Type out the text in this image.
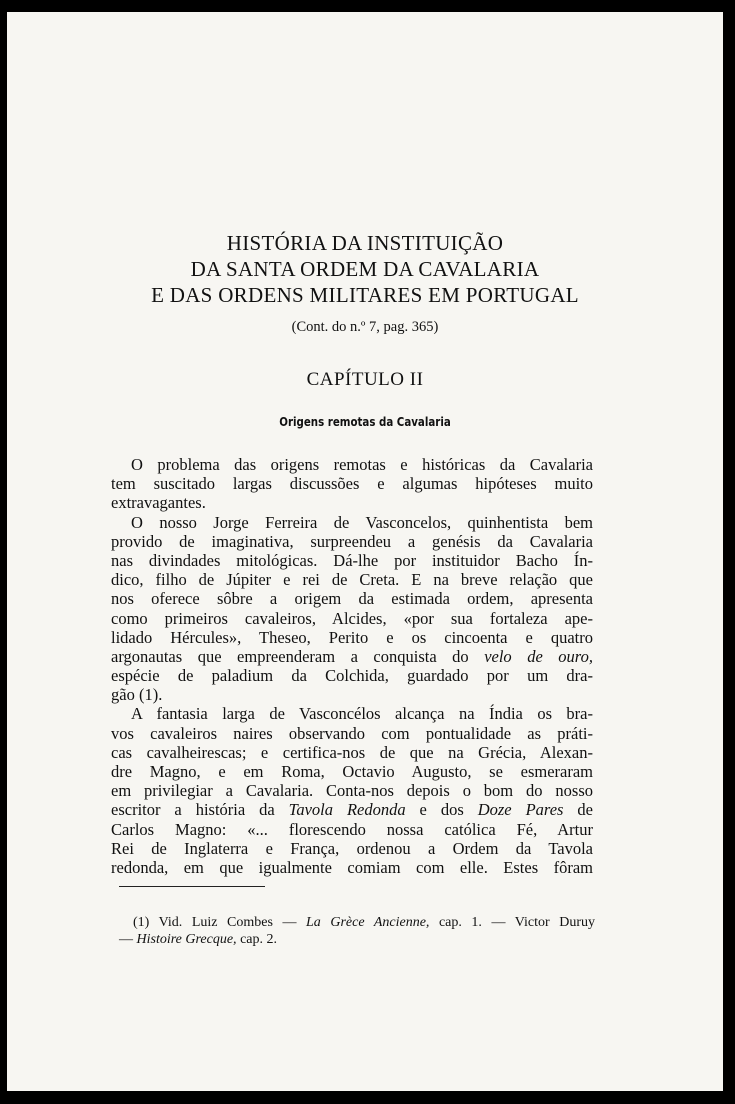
HISTÓRIA DA INSTITUIÇÃO
DA SANTA ORDEM DA CAVALARIA
E DAS ORDENS MILITARES EM PORTUGAL
(Cont. do n.º 7, pag. 365)
CAPÍTULO II
Origens remotas da Cavalaria
O problema das origens remotas e históricas da Cavalaria
tem suscitado largas discussões e algumas hipóteses muito
extravagantes.
O nosso Jorge Ferreira de Vasconcelos, quinhentista bem
provido de imaginativa, surpreendeu a genésis da Cavalaria
nas divindades mitológicas. Dá-lhe por instituidor Bacho Ín-
dico, filho de Júpiter e rei de Creta. E na breve relação que
nos oferece sôbre a origem da estimada ordem, apresenta
como primeiros cavaleiros, Alcides, «por sua fortaleza ape-
lidado Hércules», Theseo, Perito e os cincoenta e quatro
argonautas que empreenderam a conquista do velo de ouro,
espécie de paladium da Colchida, guardado por um dra-
gão (1).
A fantasia larga de Vasconcélos alcança na Índia os bra-
vos cavaleiros naires observando com pontualidade as práti-
cas cavalheirescas; e certifica-nos de que na Grécia, Alexan-
dre Magno, e em Roma, Octavio Augusto, se esmeraram
em privilegiar a Cavalaria. Conta-nos depois o bom do nosso
escritor a história da Tavola Redonda e dos Doze Pares de
Carlos Magno: «... florescendo nossa católica Fé, Artur
Rei de Inglaterra e França, ordenou a Ordem da Tavola
redonda, em que igualmente comiam com elle. Estes fôram
(1) Vid. Luiz Combes — La Grèce Ancienne, cap. 1. — Victor Duruy
— Histoire Grecque, cap. 2.
